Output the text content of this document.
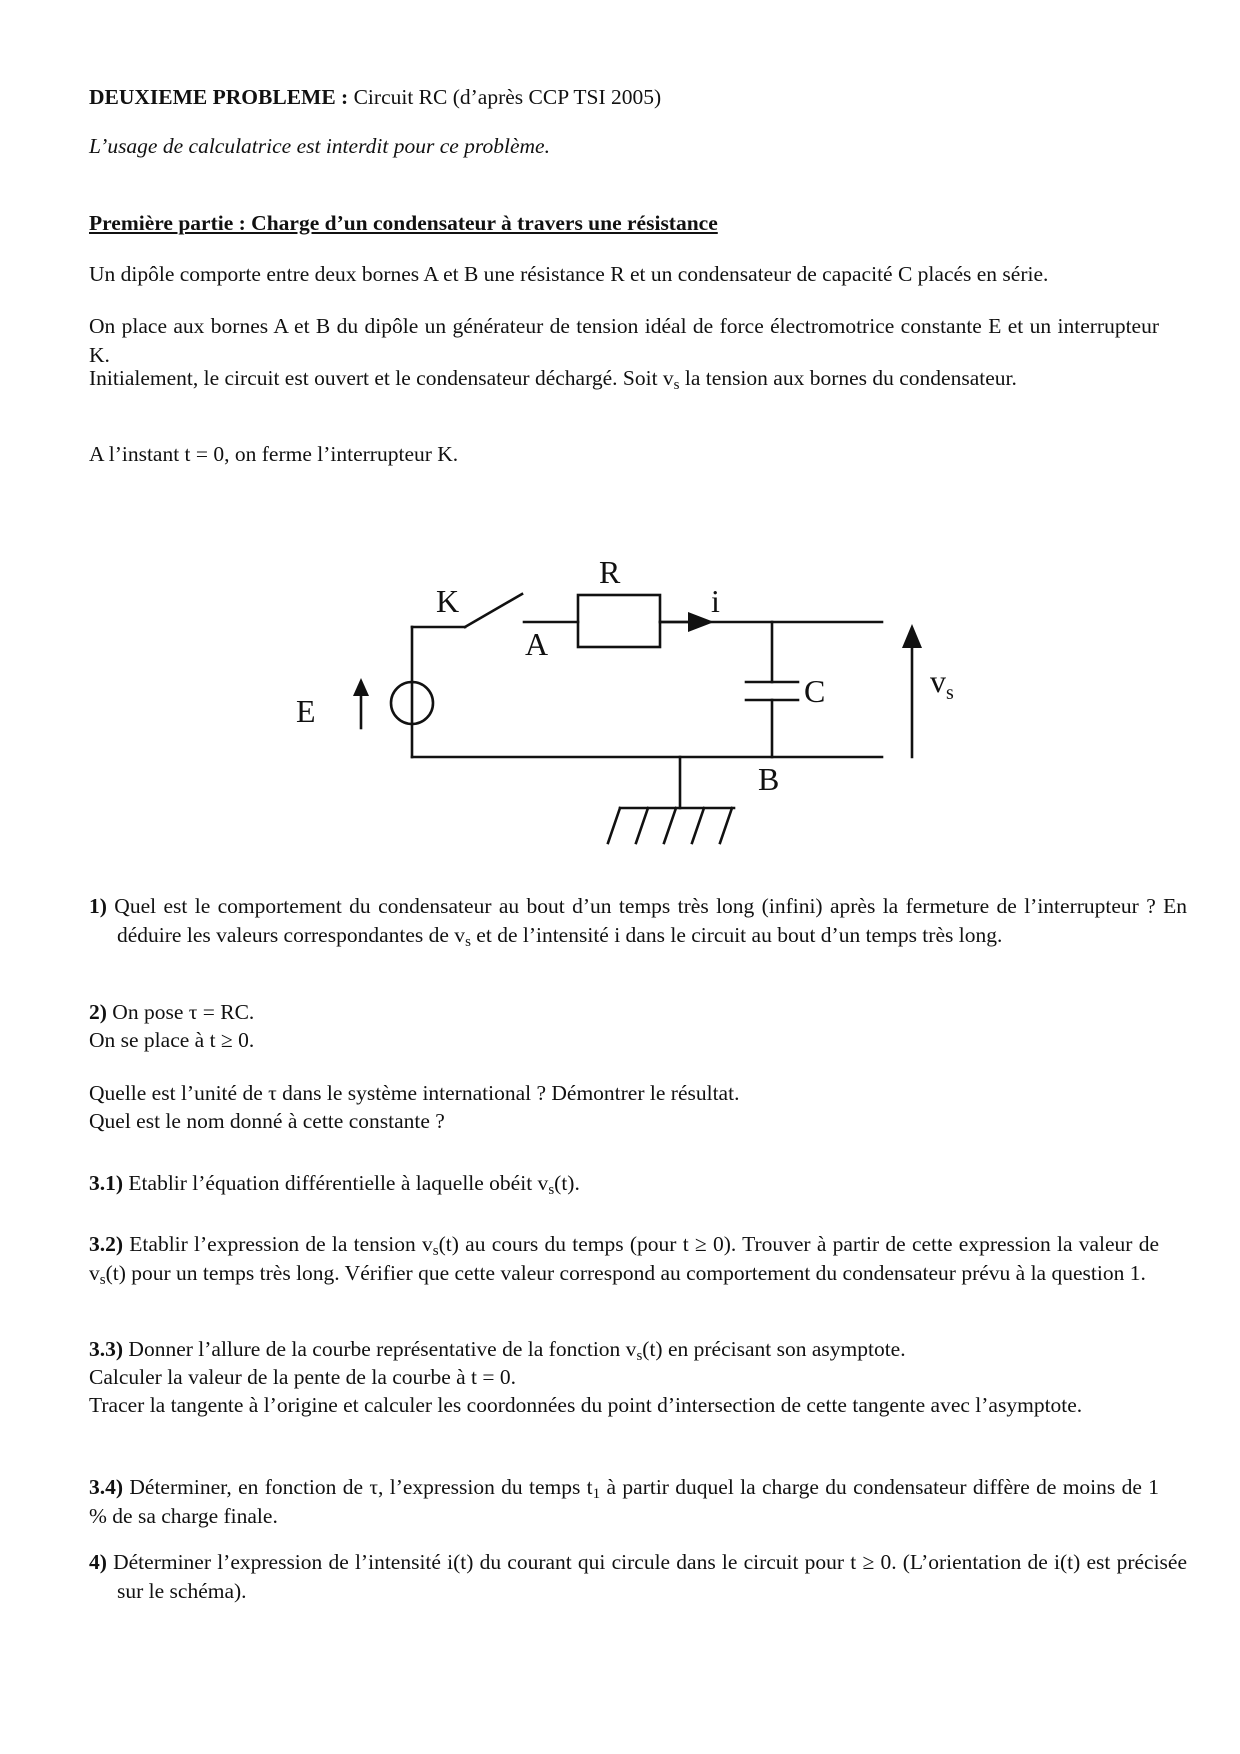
DEUXIEME PROBLEME : Circuit RC (d’après CCP TSI 2005)
L’usage de calculatrice est interdit pour ce problème.
Première partie : Charge d’un condensateur à travers une résistance
Un dipôle comporte entre deux bornes A et B une résistance R et un condensateur de capacité C placés en série.
On place aux bornes A et B du dipôle un générateur de tension idéal de force électromotrice constante E et un interrupteur K.
Initialement, le circuit est ouvert et le condensateur déchargé. Soit $v_s$ la tension aux bornes du condensateur.
A l’instant t = 0, on ferme l’interrupteur K.
K
R
i
A
C
E
B
$v_s$
1) Quel est le comportement du condensateur au bout d’un temps très long (infini) après la fermeture de l’interrupteur ? En déduire les valeurs correspondantes de $v_s$ et de l’intensité i dans le circuit au bout d’un temps très long.
2) On pose τ = RC.
On se place à t ≥ 0.
Quelle est l’unité de τ dans le système international ? Démontrer le résultat.
Quel est le nom donné à cette constante ?
3.1) Etablir l’équation différentielle à laquelle obéit $v_s(t)$.
3.2) Etablir l’expression de la tension $v_s(t)$ au cours du temps (pour t ≥ 0). Trouver à partir de cette expression la valeur de $v_s(t)$ pour un temps très long. Vérifier que cette valeur correspond au comportement du condensateur prévu à la question 1.
3.3) Donner l’allure de la courbe représentative de la fonction $v_s(t)$ en précisant son asymptote.
Calculer la valeur de la pente de la courbe à t = 0.
Tracer la tangente à l’origine et calculer les coordonnées du point d’intersection de cette tangente avec l’asymptote.
3.4) Déterminer, en fonction de τ, l’expression du temps $t_1$ à partir duquel la charge du condensateur diffère de moins de 1 % de sa charge finale.
4) Déterminer l’expression de l’intensité i(t) du courant qui circule dans le circuit pour t ≥ 0. (L’orientation de i(t) est précisée sur le schéma).
